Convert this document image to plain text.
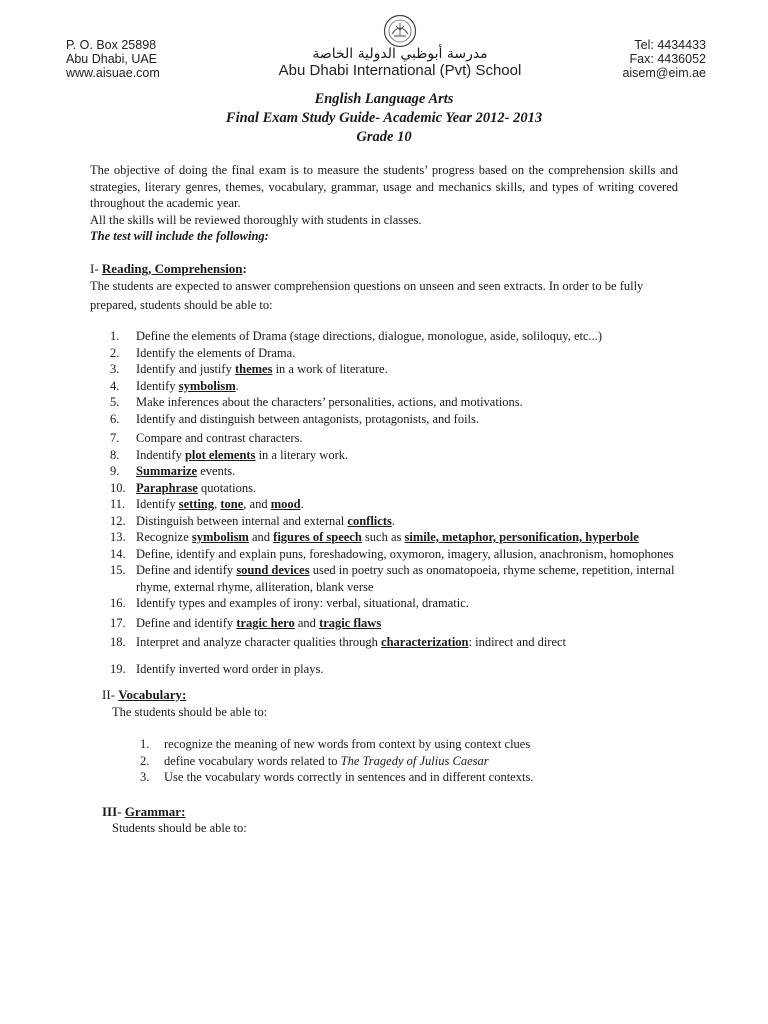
P. O. Box 25898
Abu Dhabi, UAE
www.aisuae.com
مدرسة أبوظبي الدولية الخاصة
Abu Dhabi International (Pvt) School
Tel: 4434433
Fax: 4436052
aisem@eim.ae
English Language Arts
Final Exam Study Guide- Academic Year 2012- 2013
Grade 10

The objective of doing the final exam is to measure the students’ progress based on the comprehension skills and strategies, literary genres, themes, vocabulary, grammar, usage and mechanics skills, and types of writing covered throughout the academic year.

All the skills will be reviewed thoroughly with students in classes.

The test will include the following:

I- Reading, Comprehension:

The students are expected to answer comprehension questions on unseen and seen extracts. In order to be fully prepared, students should be able to:

1. Define the elements of Drama (stage directions, dialogue, monologue, aside, soliloquy, etc...)
2. Identify the elements of Drama.
3. Identify and justify themes in a work of literature.
4. Identify symbolism.
5. Make inferences about the characters’ personalities, actions, and motivations.
6. Identify and distinguish between antagonists, protagonists, and foils.
7. Compare and contrast characters.
8. Indentify plot elements in a literary work.
9. Summarize events.
10. Paraphrase quotations.
11. Identify setting, tone, and mood.
12. Distinguish between internal and external conflicts.
13. Recognize symbolism and figures of speech such as simile, metaphor, personification, hyperbole
14. Define, identify and explain puns, foreshadowing, oxymoron, imagery, allusion, anachronism, homophones
15. Define and identify sound devices used in poetry such as onomatopoeia, rhyme scheme, repetition, internal rhyme, external rhyme, alliteration, blank verse
16. Identify types and examples of irony: verbal, situational, dramatic.
17. Define and identify tragic hero and tragic flaws
18. Interpret and analyze character qualities through characterization: indirect and direct
19. Identify inverted word order in plays.
II- Vocabulary:

The students should be able to:

1. recognize the meaning of new words from context by using context clues
2. define vocabulary words related to The Tragedy of Julius Caesar
3. Use the vocabulary words correctly in sentences and in different contexts.
III- Grammar:

Students should be able to:
